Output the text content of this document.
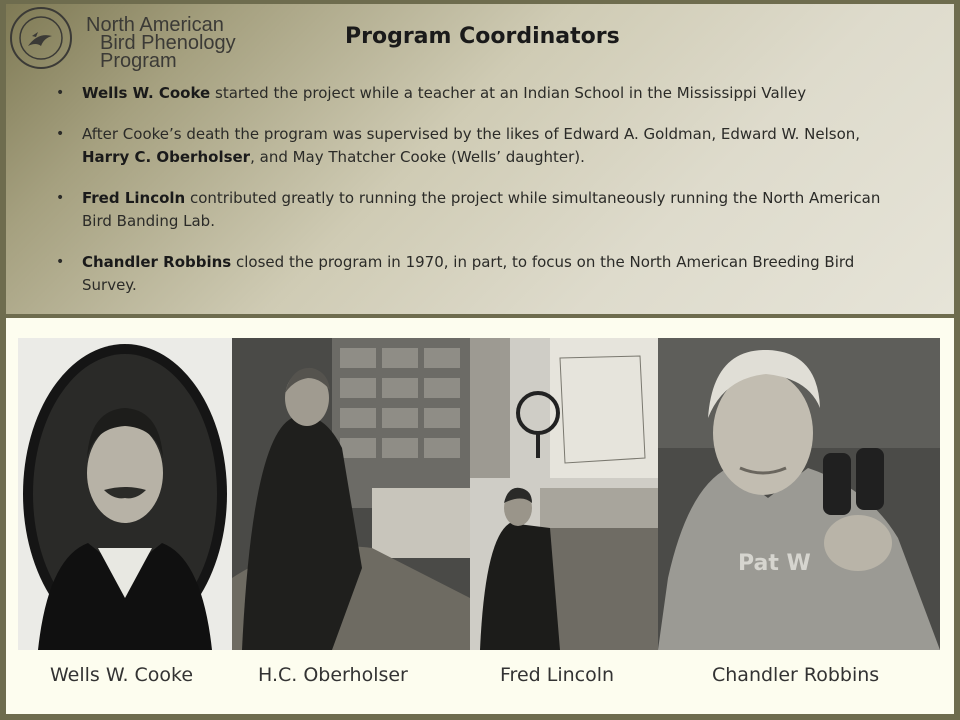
North American
Bird Phenology Program
Program Coordinators
• Wells W. Cooke started the project while a teacher at an Indian School in the Mississippi Valley
• After Cooke’s death the program was supervised by the likes of Edward A. Goldman, Edward W. Nelson, Harry C. Oberholser, and May Thatcher Cooke (Wells’ daughter).
• Fred Lincoln contributed greatly to running the project while simultaneously running the North American Bird Banding Lab.
• Chandler Robbins closed the program in 1970, in part, to focus on the North American Breeding Bird Survey.
Pat W
Wells W. Cooke	H.C. Oberholser	Fred Lincoln	Chandler Robbins
